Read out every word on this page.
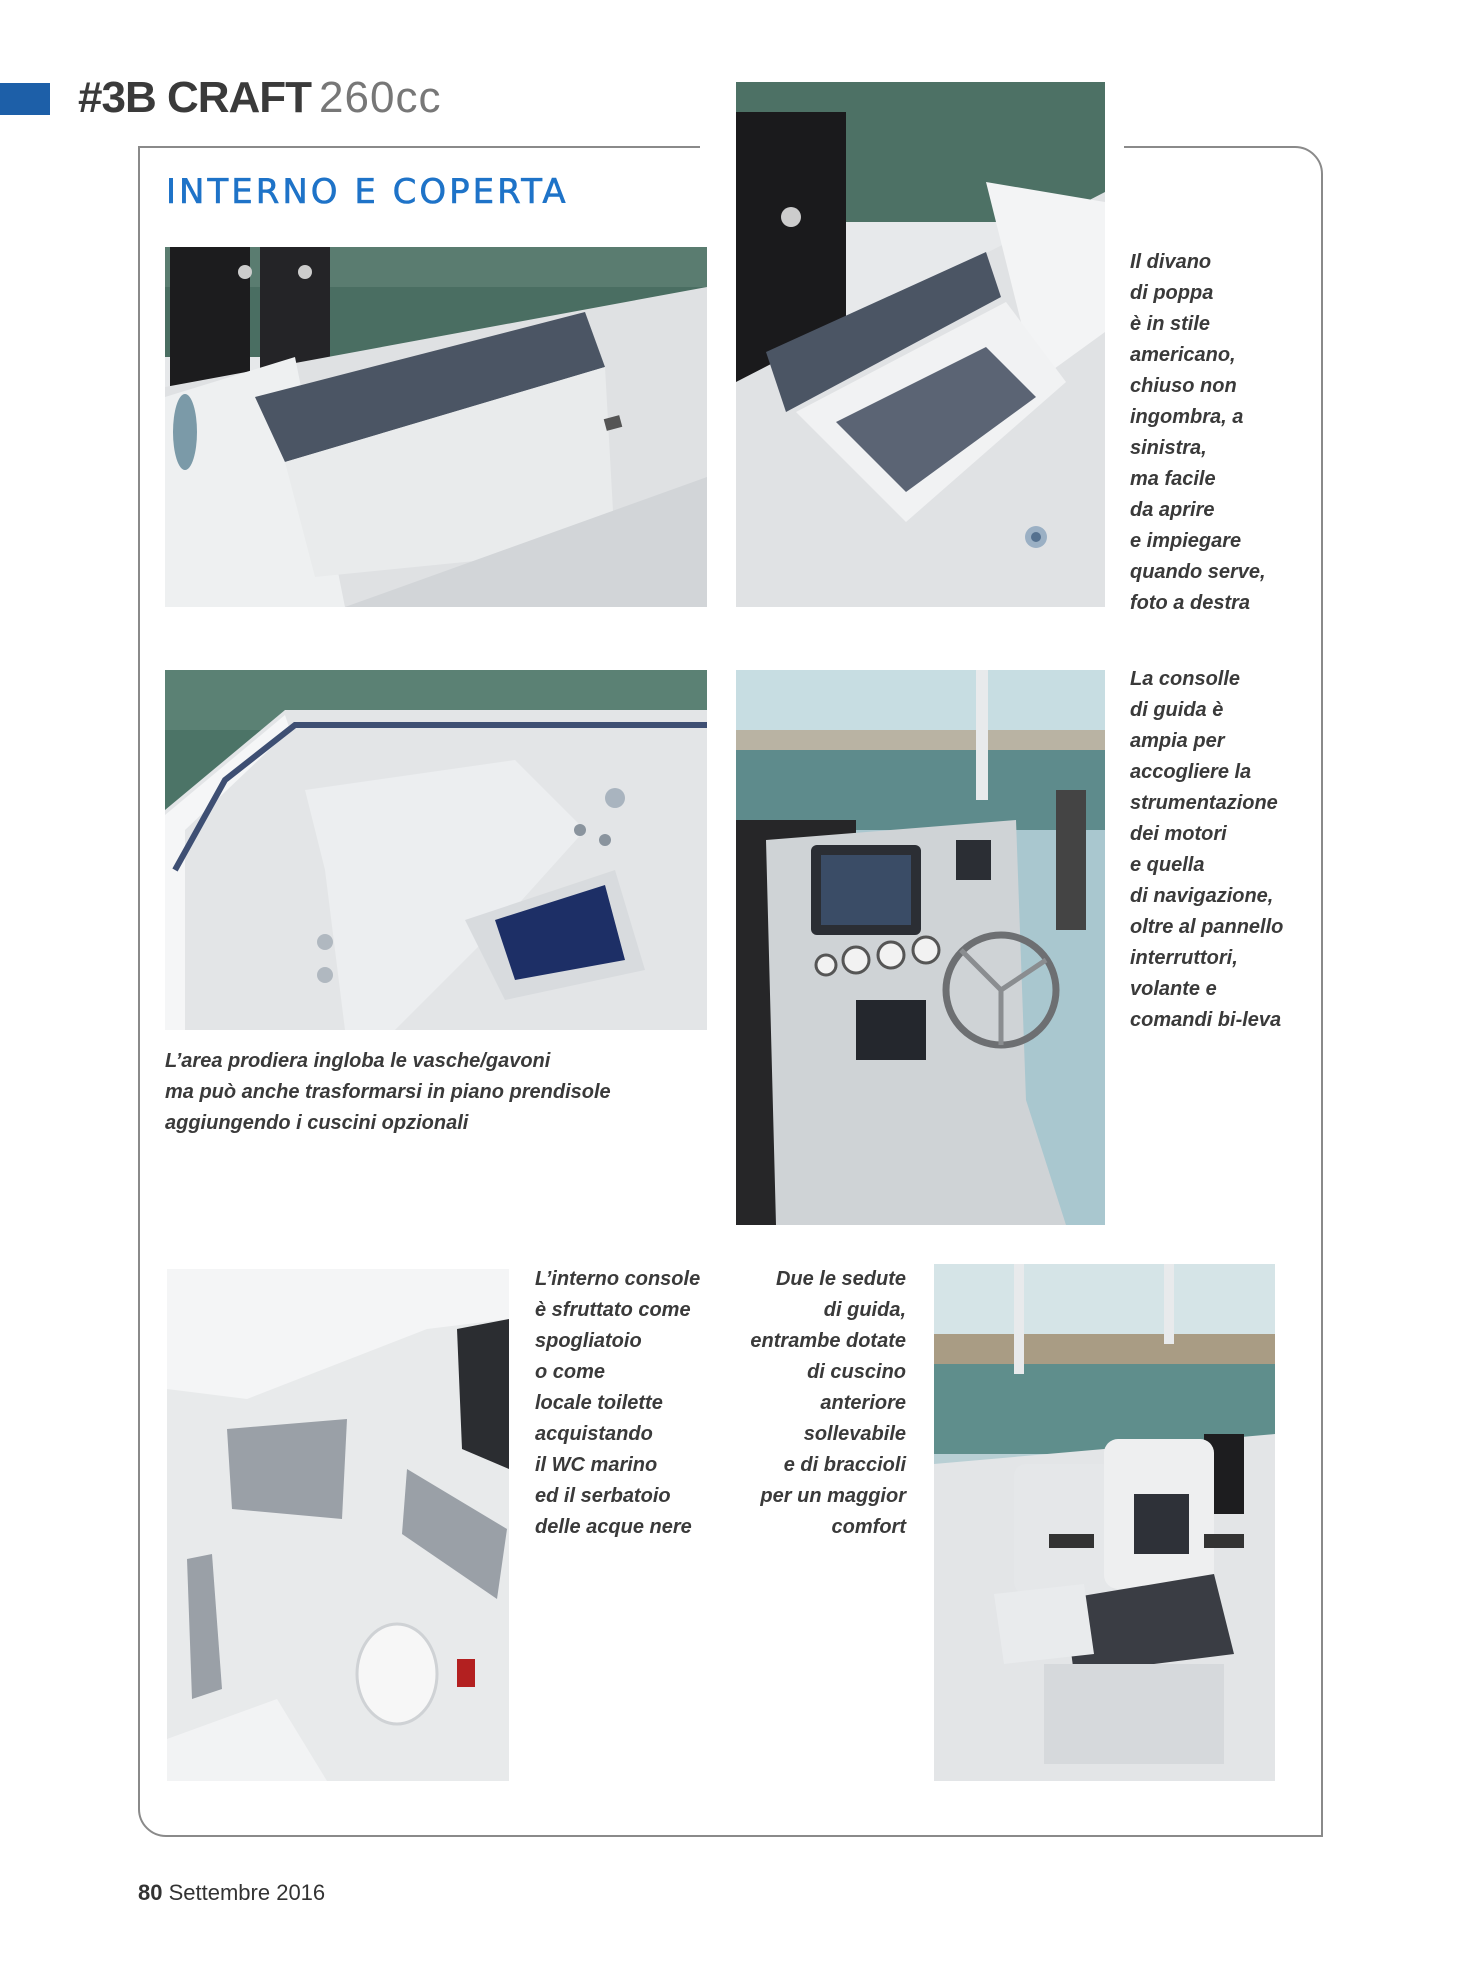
#3B CRAFT 260cc
INTERNO E COPERTA
Il divano
di poppa
è in stile
americano,
chiuso non
ingombra, a
sinistra,
ma facile
da aprire
e impiegare
quando serve,
foto a destra
L’area prodiera ingloba le vasche/gavoni
ma può anche trasformarsi in piano prendisole
aggiungendo i cuscini opzionali
La consolle
di guida è
ampia per
accogliere la
strumentazione
dei motori
e quella
di navigazione,
oltre al pannello
interruttori,
volante e
comandi bi-leva
L’interno console
è sfruttato come
spogliatoio
o come
locale toilette
acquistando
il WC marino
ed il serbatoio
delle acque nere
Due le sedute
di guida,
entrambe dotate
di cuscino
anteriore
sollevabile
e di braccioli
per un maggior
comfort
80 Settembre 2016
